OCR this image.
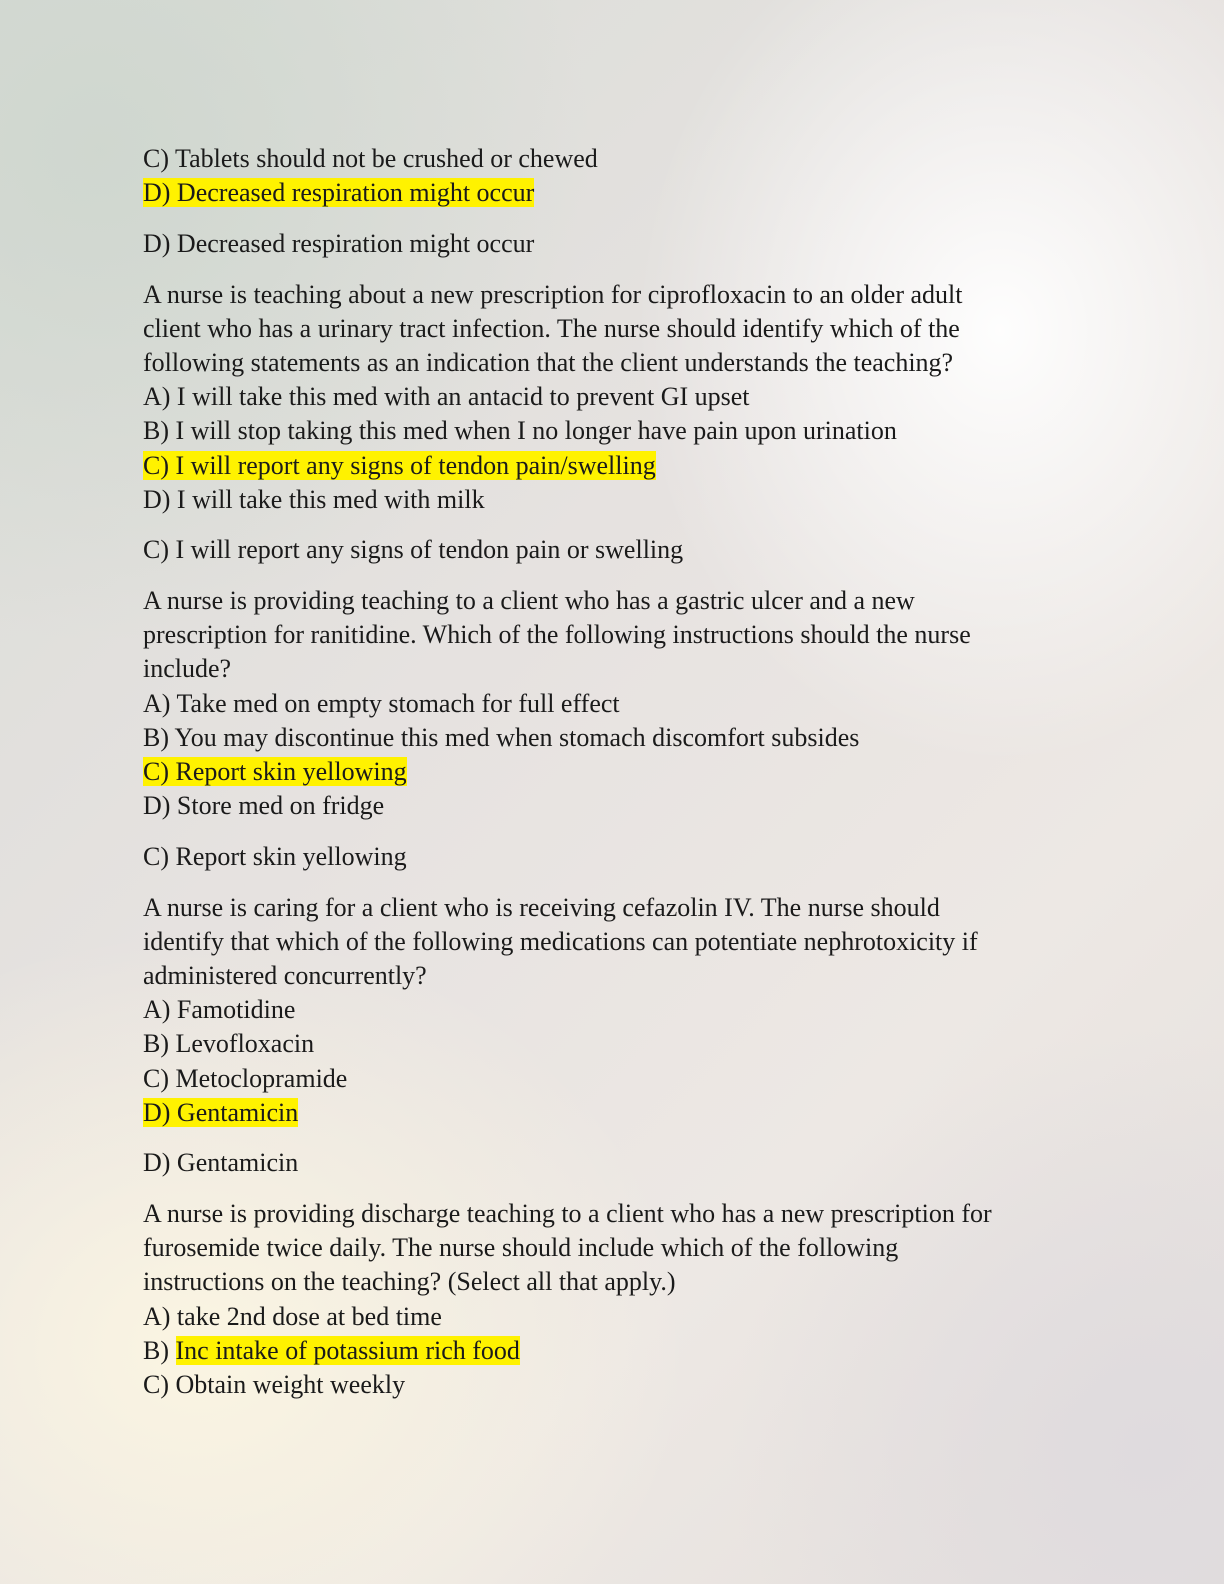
C) Tablets should not be crushed or chewed
D) Decreased respiration might occur
D) Decreased respiration might occur
A nurse is teaching about a new prescription for ciprofloxacin to an older adult
client who has a urinary tract infection. The nurse should identify which of the
following statements as an indication that the client understands the teaching?
A) I will take this med with an antacid to prevent GI upset
B) I will stop taking this med when I no longer have pain upon urination
C) I will report any signs of tendon pain/swelling
D) I will take this med with milk
C) I will report any signs of tendon pain or swelling
A nurse is providing teaching to a client who has a gastric ulcer and a new
prescription for ranitidine. Which of the following instructions should the nurse
include?
A) Take med on empty stomach for full effect
B) You may discontinue this med when stomach discomfort subsides
C) Report skin yellowing
D) Store med on fridge
C) Report skin yellowing
A nurse is caring for a client who is receiving cefazolin IV. The nurse should
identify that which of the following medications can potentiate nephrotoxicity if
administered concurrently?
A) Famotidine
B) Levofloxacin
C) Metoclopramide
D) Gentamicin
D) Gentamicin
A nurse is providing discharge teaching to a client who has a new prescription for
furosemide twice daily. The nurse should include which of the following
instructions on the teaching? (Select all that apply.)
A) take 2nd dose at bed time
B) Inc intake of potassium rich food
C) Obtain weight weekly
